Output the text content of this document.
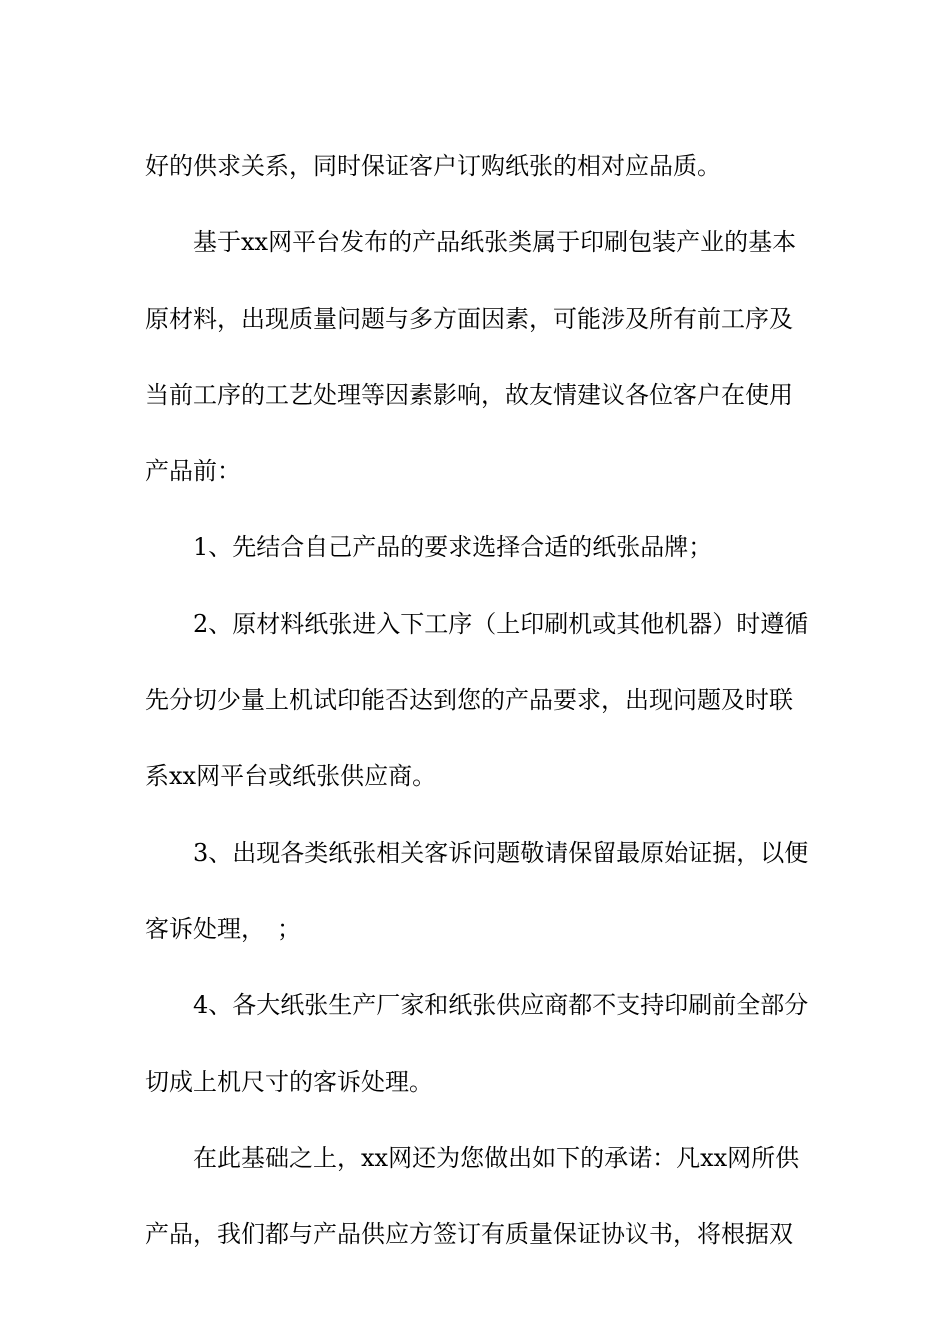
好的供求关系，同时保证客户订购纸张的相对应品质。
基于xx网平台发布的产品纸张类属于印刷包装产业的基本
原材料，出现质量问题与多方面因素，可能涉及所有前工序及
当前工序的工艺处理等因素影响，故友情建议各位客户在使用
产品前：
1、先结合自己产品的要求选择合适的纸张品牌；
2、原材料纸张进入下工序（上印刷机或其他机器）时遵循
先分切少量上机试印能否达到您的产品要求，出现问题及时联
系xx网平台或纸张供应商。
3、出现各类纸张相关客诉问题敬请保留最原始证据，以便
客诉处理，　；
4、各大纸张生产厂家和纸张供应商都不支持印刷前全部分
切成上机尺寸的客诉处理。
在此基础之上，xx网还为您做出如下的承诺：凡xx网所供
产品，我们都与产品供应方签订有质量保证协议书，将根据双
